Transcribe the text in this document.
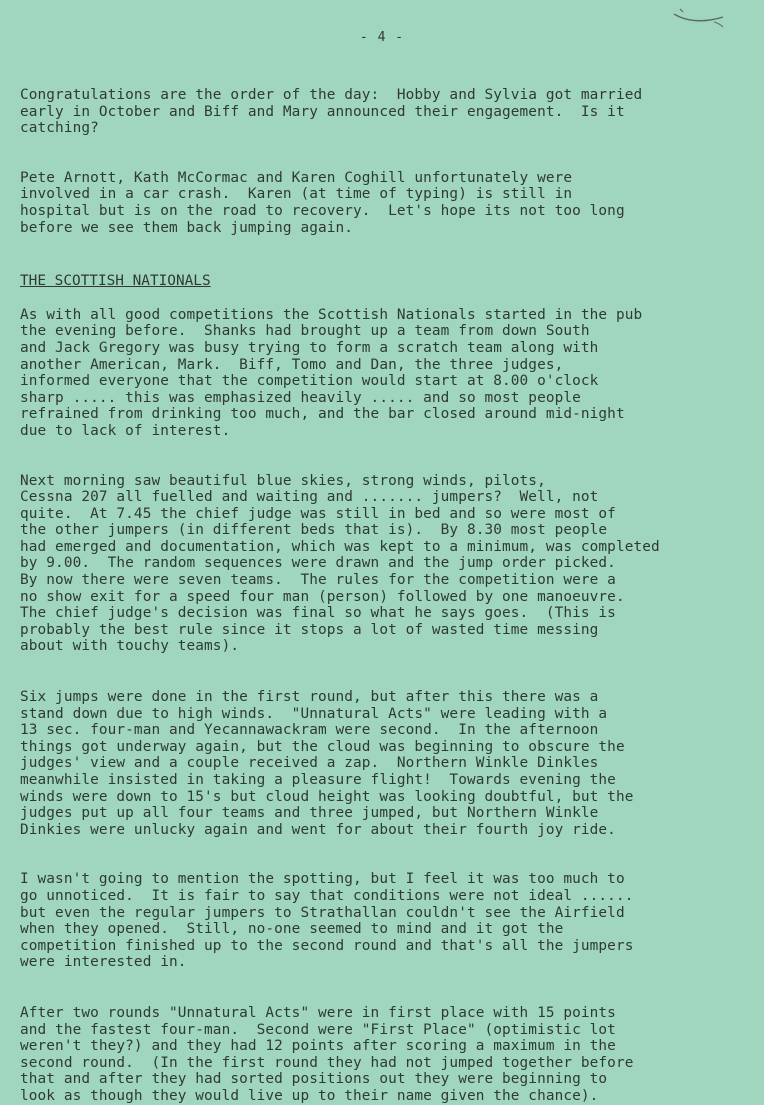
- 4 -

Congratulations are the order of the day:  Hobby and Sylvia got married
early in October and Biff and Mary announced their engagement.  Is it
catching?

Pete Arnott, Kath McCormac and Karen Coghill unfortunately were
involved in a car crash.  Karen (at time of typing) is still in
hospital but is on the road to recovery.  Let's hope its not too long
before we see them back jumping again.

THE SCOTTISH NATIONALS

As with all good competitions the Scottish Nationals started in the pub
the evening before.  Shanks had brought up a team from down South
and Jack Gregory was busy trying to form a scratch team along with
another American, Mark.  Biff, Tomo and Dan, the three judges,
informed everyone that the competition would start at 8.00 o'clock
sharp ..... this was emphasized heavily ..... and so most people
refrained from drinking too much, and the bar closed around mid-night
due to lack of interest.

Next morning saw beautiful blue skies, strong winds, pilots,
Cessna 207 all fuelled and waiting and ....... jumpers?  Well, not
quite.  At 7.45 the chief judge was still in bed and so were most of
the other jumpers (in different beds that is).  By 8.30 most people
had emerged and documentation, which was kept to a minimum, was completed
by 9.00.  The random sequences were drawn and the jump order picked.
By now there were seven teams.  The rules for the competition were a
no show exit for a speed four man (person) followed by one manoeuvre.
The chief judge's decision was final so what he says goes.  (This is
probably the best rule since it stops a lot of wasted time messing
about with touchy teams).

Six jumps were done in the first round, but after this there was a
stand down due to high winds.  "Unnatural Acts" were leading with a
13 sec. four-man and Yecannawackram were second.  In the afternoon
things got underway again, but the cloud was beginning to obscure the
judges' view and a couple received a zap.  Northern Winkle Dinkles
meanwhile insisted in taking a pleasure flight!  Towards evening the
winds were down to 15's but cloud height was looking doubtful, but the
judges put up all four teams and three jumped, but Northern Winkle
Dinkies were unlucky again and went for about their fourth joy ride.

I wasn't going to mention the spotting, but I feel it was too much to
go unnoticed.  It is fair to say that conditions were not ideal ......
but even the regular jumpers to Strathallan couldn't see the Airfield
when they opened.  Still, no-one seemed to mind and it got the
competition finished up to the second round and that's all the jumpers
were interested in.

After two rounds "Unnatural Acts" were in first place with 15 points
and the fastest four-man.  Second were "First Place" (optimistic lot
weren't they?) and they had 12 points after scoring a maximum in the
second round.  (In the first round they had not jumped together before
that and after they had sorted positions out they were beginning to
look as though they would live up to their name given the chance).
